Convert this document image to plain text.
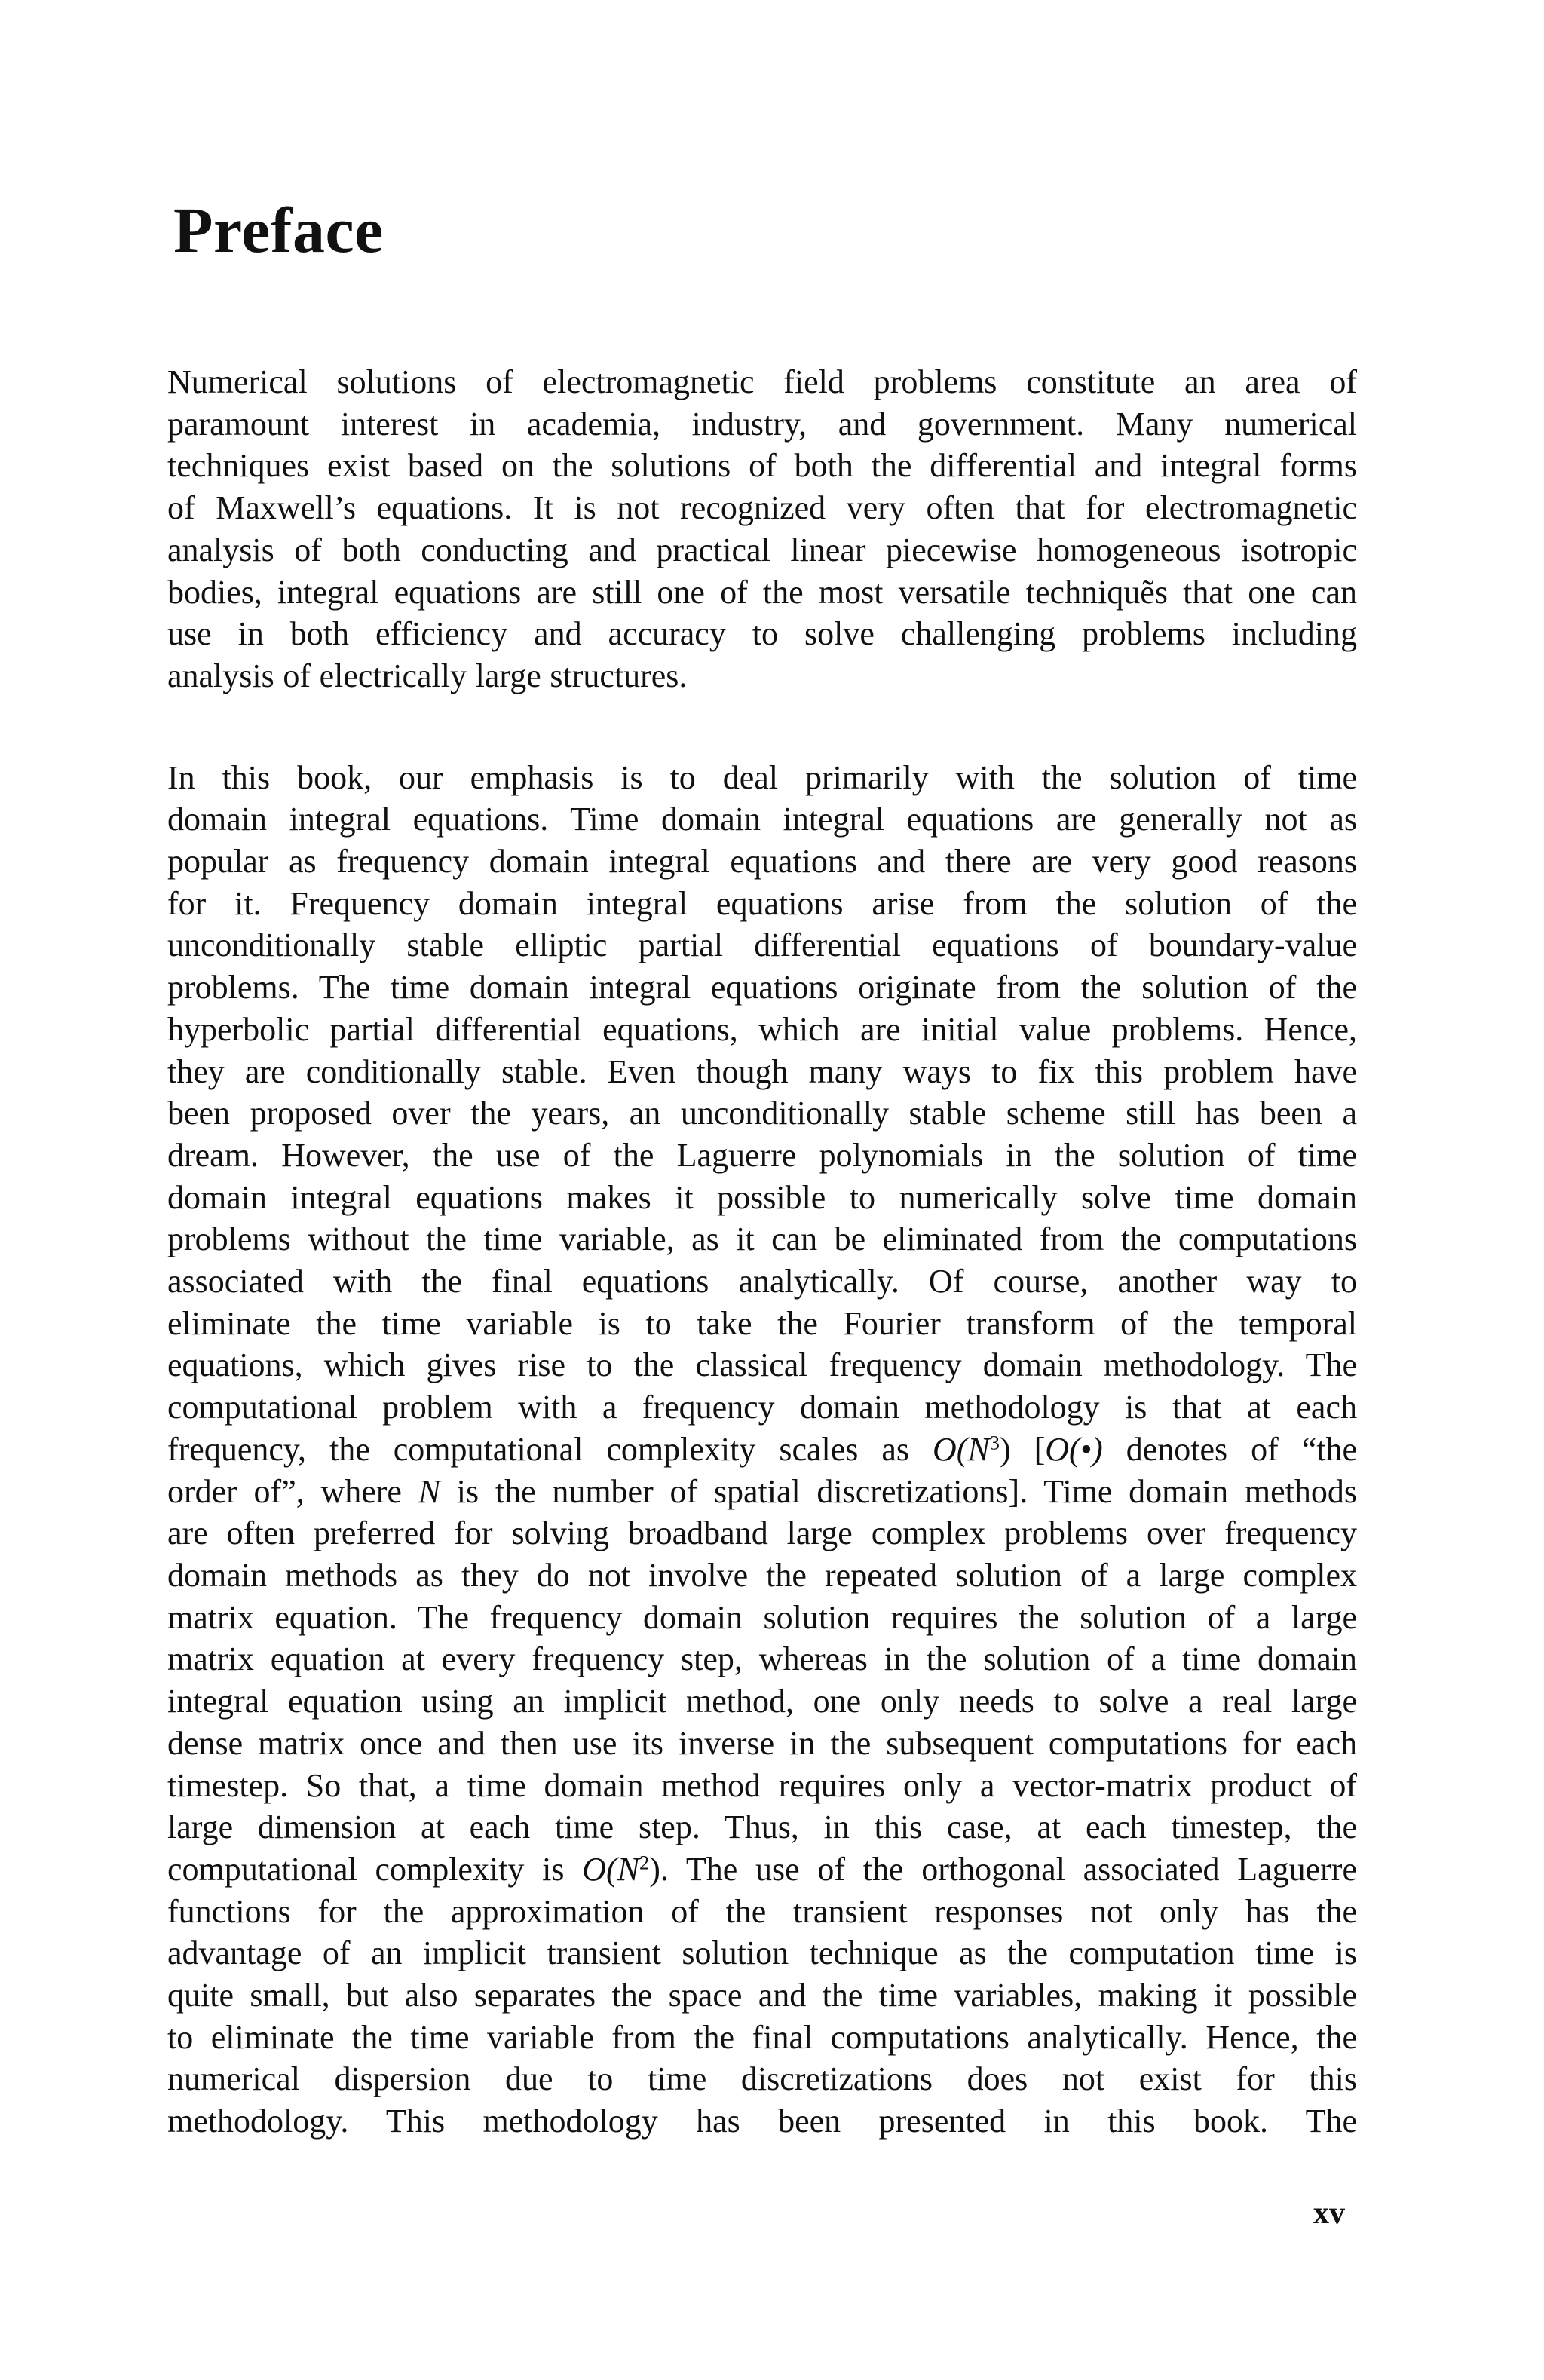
Preface
Numerical solutions of electromagnetic field problems constitute an area of
paramount interest in academia, industry, and government. Many numerical
techniques exist based on the solutions of both the differential and integral forms
of Maxwell’s equations. It is not recognized very often that for electromagnetic
analysis of both conducting and practical linear piecewise homogeneous isotropic
bodies, integral equations are still one of the most versatile techniquẽs that one can
use in both efficiency and accuracy to solve challenging problems including
analysis of electrically large structures.
In this book, our emphasis is to deal primarily with the solution of time
domain integral equations. Time domain integral equations are generally not as
popular as frequency domain integral equations and there are very good reasons
for it. Frequency domain integral equations arise from the solution of the
unconditionally stable elliptic partial differential equations of boundary-value
problems. The time domain integral equations originate from the solution of the
hyperbolic partial differential equations, which are initial value problems. Hence,
they are conditionally stable. Even though many ways to fix this problem have
been proposed over the years, an unconditionally stable scheme still has been a
dream. However, the use of the Laguerre polynomials in the solution of time
domain integral equations makes it possible to numerically solve time domain
problems without the time variable, as it can be eliminated from the computations
associated with the final equations analytically. Of course, another way to
eliminate the time variable is to take the Fourier transform of the temporal
equations, which gives rise to the classical frequency domain methodology. The
computational problem with a frequency domain methodology is that at each
frequency, the computational complexity scales as $O(N^3)$ [O(•) denotes of “the
order of”, where N is the number of spatial discretizations]. Time domain methods
are often preferred for solving broadband large complex problems over frequency
domain methods as they do not involve the repeated solution of a large complex
matrix equation. The frequency domain solution requires the solution of a large
matrix equation at every frequency step, whereas in the solution of a time domain
integral equation using an implicit method, one only needs to solve a real large
dense matrix once and then use its inverse in the subsequent computations for each
timestep. So that, a time domain method requires only a vector-matrix product of
large dimension at each time step. Thus, in this case, at each timestep, the
computational complexity is $O(N^2)$. The use of the orthogonal associated Laguerre
functions for the approximation of the transient responses not only has the
advantage of an implicit transient solution technique as the computation time is
quite small, but also separates the space and the time variables, making it possible
to eliminate the time variable from the final computations analytically. Hence, the
numerical dispersion due to time discretizations does not exist for this
methodology. This methodology has been presented in this book. The
xv
